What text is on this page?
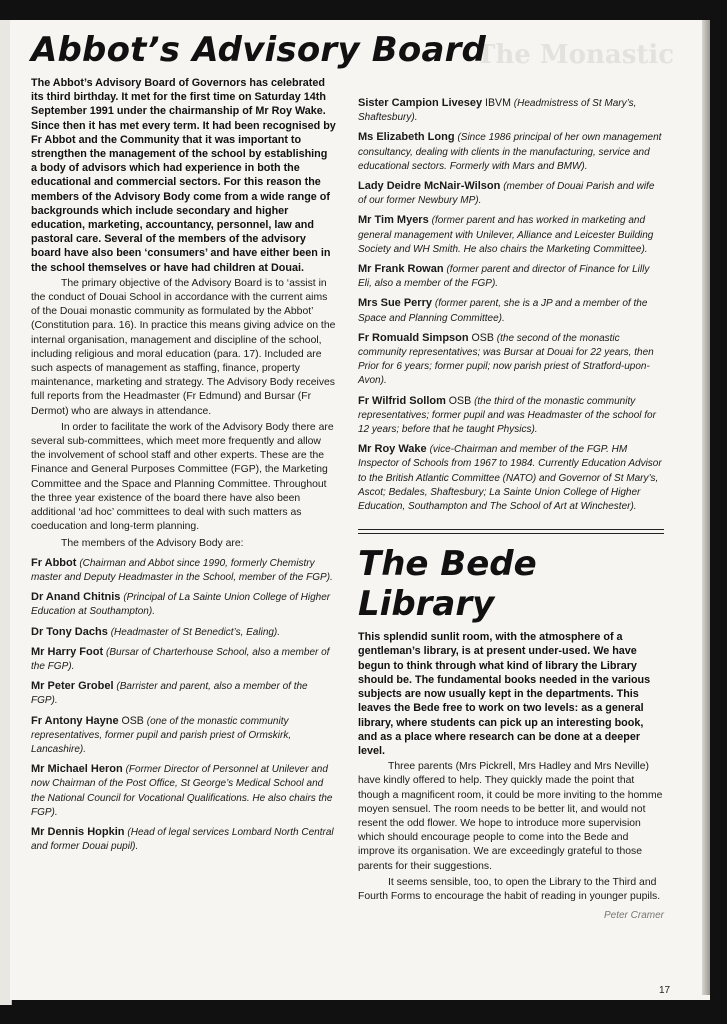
The Monastic
Abbot’s Advisory Board

The Abbot’s Advisory Board of Governors has celebrated its third birthday. It met for the first time on Saturday 14th September 1991 under the chairmanship of Mr Roy Wake. Since then it has met every term. It had been recognised by Fr Abbot and the Community that it was important to strengthen the management of the school by establishing a body of advisors which had experience in both the educational and commercial sectors. For this reason the members of the Advisory Body come from a wide range of backgrounds which include secondary and higher education, marketing, accountancy, personnel, law and pastoral care. Several of the members of the advisory board have also been ‘consumers’ and have either been in the school themselves or have had children at Douai.

The primary objective of the Advisory Board is to ‘assist in the conduct of Douai School in accordance with the current aims of the Douai monastic community as formulated by the Abbot’ (Constitution para. 16). In practice this means giving advice on the internal organisation, management and discipline of the school, including religious and moral education (para. 17). Included are such aspects of management as staffing, finance, property maintenance, marketing and strategy. The Advisory Body receives full reports from the Headmaster (Fr Edmund) and Bursar (Fr Dermot) who are always in attendance.

In order to facilitate the work of the Advisory Body there are several sub-committees, which meet more frequently and allow the involvement of school staff and other experts. These are the Finance and General Purposes Committee (FGP), the Marketing Committee and the Space and Planning Committee. Throughout the three year existence of the board there have also been additional ‘ad hoc’ committees to deal with such matters as coeducation and long-term planning.

The members of the Advisory Body are:

Fr Abbot (Chairman and Abbot since 1990, formerly Chemistry master and Deputy Headmaster in the School, member of the FGP).

Dr Anand Chitnis (Principal of La Sainte Union College of Higher Education at Southampton).

Dr Tony Dachs (Headmaster of St Benedict’s, Ealing).

Mr Harry Foot (Bursar of Charterhouse School, also a member of the FGP).

Mr Peter Grobel (Barrister and parent, also a member of the FGP).

Fr Antony Hayne OSB (one of the monastic community representatives, former pupil and parish priest of Ormskirk, Lancashire).

Mr Michael Heron (Former Director of Personnel at Unilever and now Chairman of the Post Office, St George’s Medical School and the National Council for Vocational Qualifications. He also chairs the FGP).

Mr Dennis Hopkin (Head of legal services Lombard North Central and former Douai pupil).

Sister Campion Livesey IBVM (Headmistress of St Mary’s, Shaftesbury).

Ms Elizabeth Long (Since 1986 principal of her own management consultancy, dealing with clients in the manufacturing, service and educational sectors. Formerly with Mars and BMW).

Lady Deidre McNair-Wilson (member of Douai Parish and wife of our former Newbury MP).

Mr Tim Myers (former parent and has worked in marketing and general management with Unilever, Alliance and Leicester Building Society and WH Smith. He also chairs the Marketing Committee).

Mr Frank Rowan (former parent and director of Finance for Lilly Eli, also a member of the FGP).

Mrs Sue Perry (former parent, she is a JP and a member of the Space and Planning Committee).

Fr Romuald Simpson OSB (the second of the monastic community representatives; was Bursar at Douai for 22 years, then Prior for 6 years; former pupil; now parish priest of Stratford-upon-Avon).

Fr Wilfrid Sollom OSB (the third of the monastic community representatives; former pupil and was Headmaster of the school for 12 years; before that he taught Physics).

Mr Roy Wake (vice-Chairman and member of the FGP. HM Inspector of Schools from 1967 to 1984. Currently Education Advisor to the British Atlantic Committee (NATO) and Governor of St Mary’s, Ascot; Bedales, Shaftesbury; La Sainte Union College of Higher Education, Southampton and The School of Art at Winchester).

The Bede
Library

This splendid sunlit room, with the atmosphere of a gentleman’s library, is at present under-used. We have begun to think through what kind of library the Library should be. The fundamental books needed in the various subjects are now usually kept in the departments. This leaves the Bede free to work on two levels: as a general library, where students can pick up an interesting book, and as a place where research can be done at a deeper level.

Three parents (Mrs Pickrell, Mrs Hadley and Mrs Neville) have kindly offered to help. They quickly made the point that though a magnificent room, it could be more inviting to the homme moyen sensuel. The room needs to be better lit, and would not resent the odd flower. We hope to introduce more supervision which should encourage people to come into the Bede and improve its organisation. We are exceedingly grateful to those parents for their suggestions.

It seems sensible, too, to open the Library to the Third and Fourth Forms to encourage the habit of reading in younger pupils.

Peter Cramer

17
